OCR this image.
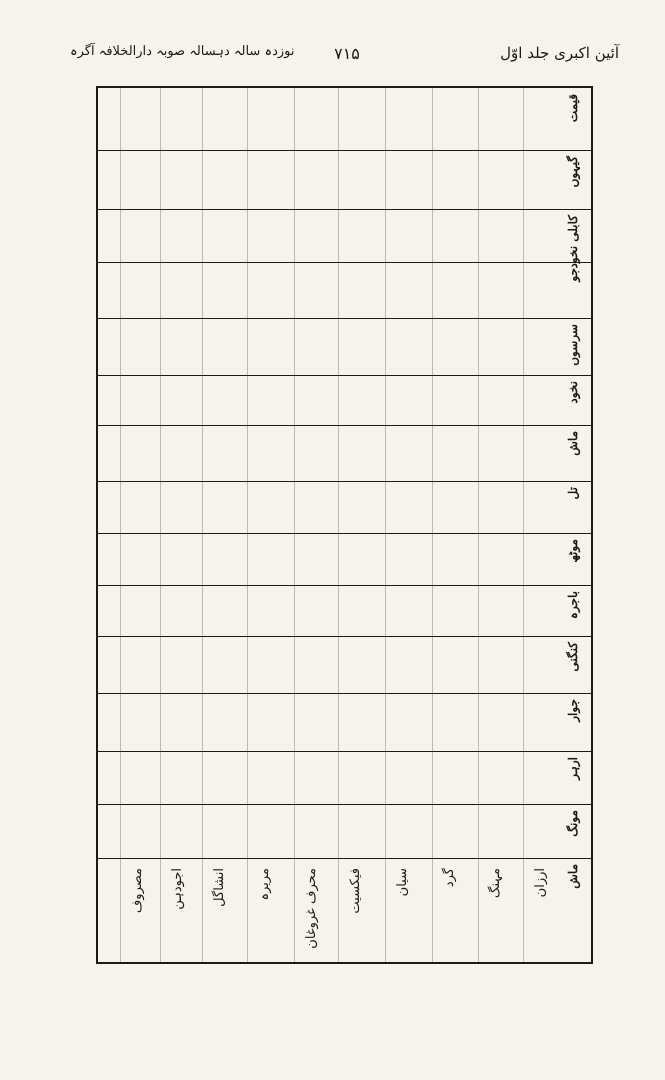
آئین اکبری جلد اوّل
۷۱۵
نوزدہ سالہ دہسالہ صوبہ دارالخلافہ آگرہ
قیمت
گیہوں
کابلی نخود
جو
سرسوں
نخود
ماش
تل
موٹھ
باجرہ
کنگنی
جوار
ارہر
مونگ
ماش
ارزان
مہنگ
گرد
سیان
فیکسیت
محرف غروغان
مریرہ
انشاگل
اجودہن
مصروف
